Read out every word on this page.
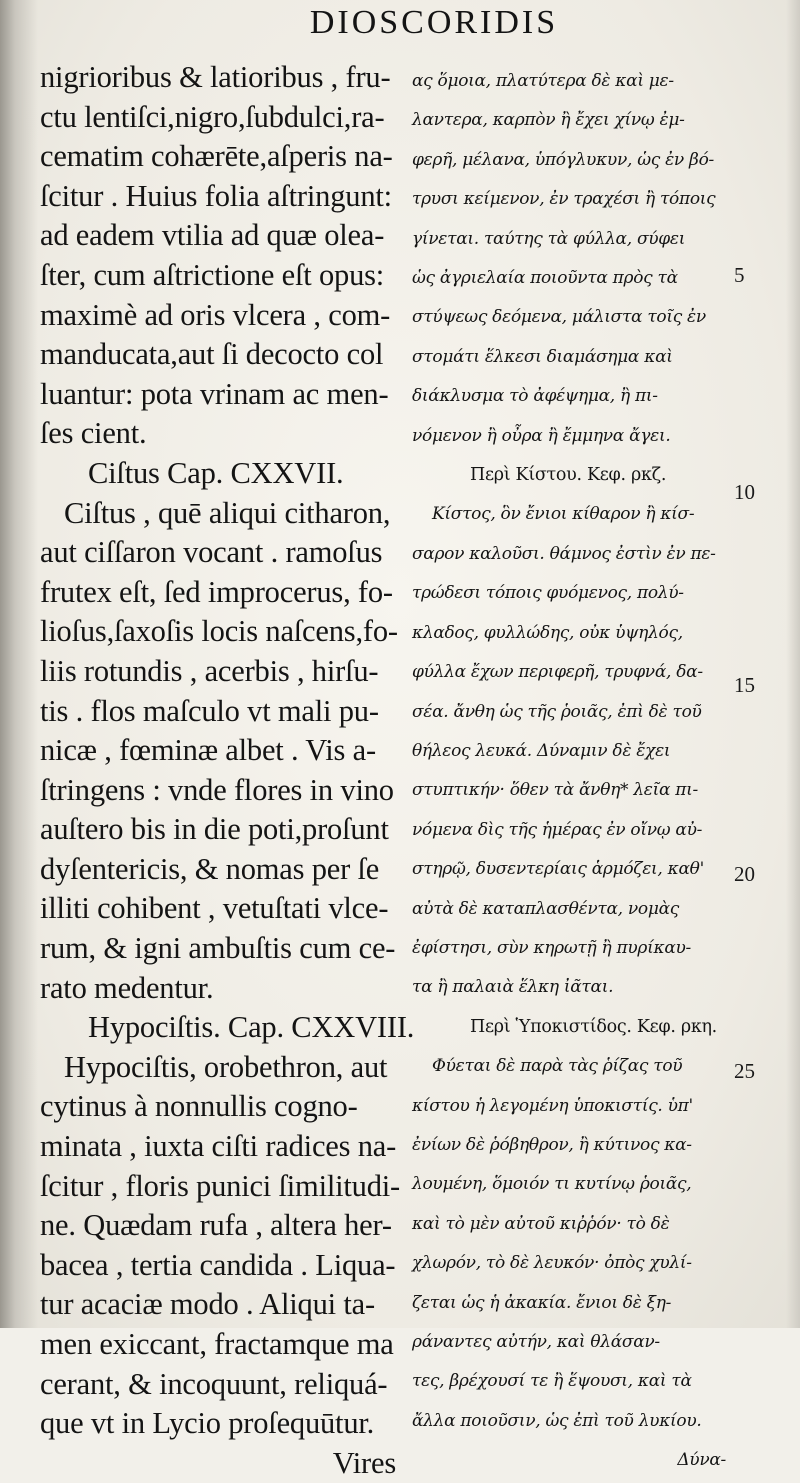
DIOSCORIDIS
nigrioribus & latioribus , fru-
ctu lentiſci,nigro,ſubdulci,ra-
cematim cohærēte,aſperis na-
ſcitur . Huius folia aſtringunt:
ad eadem vtilia ad quæ olea-
ſter, cum aſtrictione eſt opus:
maximè ad oris vlcera , com-
manducata,aut ſi decocto col
luantur: pota vrinam ac men-
ſes cient.
Ciſtus Cap. CXXVII.
Ciſtus , quē aliqui citharon,
aut ciſſaron vocant . ramoſus
frutex eſt, ſed improcerus, fo-
lioſus,ſaxoſis locis naſcens,fo-
liis rotundis , acerbis , hirſu-
tis . flos maſculo vt mali pu-
nicæ , fœminæ albet . Vis a-
ſtringens : vnde flores in vino
auſtero bis in die poti,proſunt
dyſentericis, & nomas per ſe
illiti cohibent , vetuſtati vlce-
rum, & igni ambuſtis cum ce-
rato medentur.
Hypociſtis. Cap. CXXVIII.
Hypociſtis, orobethron, aut
cytinus à nonnullis cogno-
minata , iuxta ciſti radices na-
ſcitur , floris punici ſimilitudi-
ne. Quædam rufa , altera her-
bacea , tertia candida . Liqua-
tur acaciæ modo . Aliqui ta-
men exiccant, fractamque ma
cerant, & incoquunt, reliquá-
que vt in Lycio proſequūtur.
Vires
ας ὅμοια, πλατύτερα δὲ καὶ με-
λαντερα, καρπὸν ἢ ἔχει χίνῳ ἐμ-
φερῆ, μέλανα, ὑπόγλυκυν, ὡς ἐν βό-
τρυσι κείμενον, ἐν τραχέσι ἢ τόποις
γίνεται. ταύτης τὰ φύλλα, σύφει
ὡς ἀγριελαία ποιοῦντα πρὸς τὰ
στύψεως δεόμενα, μάλιστα τοῖς ἐν
στομάτι ἕλκεσι διαμάσημα καὶ
διάκλυσμα τὸ ἀφέψημα, ἢ πι-
νόμενον ἢ οὖρα ἢ ἔμμηνα ἄγει.
Περὶ Κίστου. Κεφ. ρκζ.
Κίστος, ὃν ἔνιοι κίθαρον ἢ κίσ-
σαρον καλοῦσι. θάμνος ἐστὶν ἐν πε-
τρώδεσι τόποις φυόμενος, πολύ-
κλαδος, φυλλώδης, οὐκ ὑψηλός,
φύλλα ἔχων περιφερῆ, τρυφνά, δα-
σέα. ἄνθη ὡς τῆς ῥοιᾶς, ἐπὶ δὲ τοῦ
θήλεος λευκά. Δύναμιν δὲ ἔχει
στυπτικήν· ὅθεν τὰ ἄνθη* λεῖα πι-
νόμενα δὶς τῆς ἡμέρας ἐν οἴνῳ αὐ-
στηρῷ, δυσεντερίαις ἁρμόζει, καθ'
αὐτὰ δὲ καταπλασθέντα, νομὰς
ἐφίστησι, σὺν κηρωτῇ ἢ πυρίκαυ-
τα ἢ παλαιὰ ἕλκη ἰᾶται.
Περὶ Ὑποκιστίδος. Κεφ. ρκη.
Φύεται δὲ παρὰ τὰς ῥίζας τοῦ
κίστου ἡ λεγομένη ὑποκιστίς. ὑπ'
ἐνίων δὲ ῥόβηθρον, ἢ κύτινος κα-
λουμένη, ὅμοιόν τι κυτίνῳ ῥοιᾶς,
καὶ τὸ μὲν αὐτοῦ κιῤῥόν· τὸ δὲ
χλωρόν, τὸ δὲ λευκόν· ὀπὸς χυλί-
ζεται ὡς ἡ ἀκακία. ἔνιοι δὲ ξη-
ράναντες αὐτήν, καὶ θλάσαν-
τες, βρέχουσί τε ἢ ἕψουσι, καὶ τὰ
ἄλλα ποιοῦσιν, ὡς ἐπὶ τοῦ λυκίου.
Δύνα-
5
10
15
20
25
